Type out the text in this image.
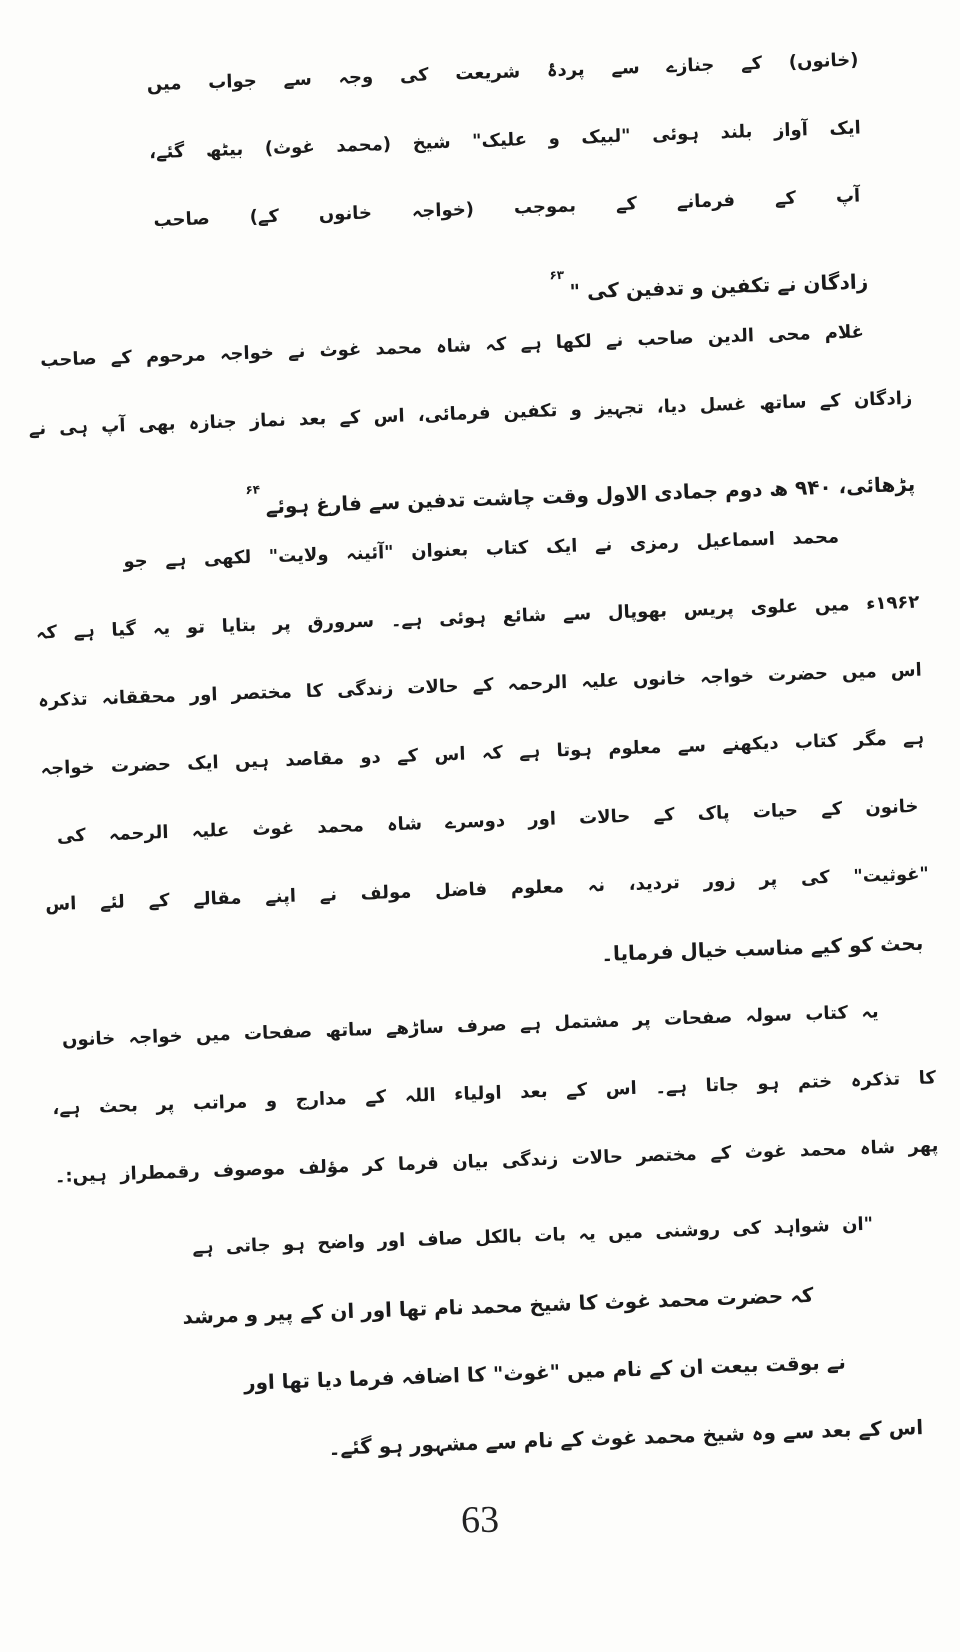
(خانوں) کے جنازے سے پردۂ شریعت کی وجہ سے جواب میں
ایک آواز بلند ہوئی "لبیک و علیک" شیخ (محمد غوث) بیٹھ گئے،
آپ کے فرمانے کے بموجب (خواجہ خانوں کے) صاحب
زادگان نے تکفین و تدفین کی "$^{۶۳}$
غلام محی الدین صاحب نے لکھا ہے کہ شاہ محمد غوث نے خواجہ مرحوم کے صاحب
زادگان کے ساتھ غسل دیا، تجہیز و تکفین فرمائی، اس کے بعد نماز جنازہ بھی آپ ہی نے
پڑھائی، ۹۴۰ ھ دوم جمادی الاول وقت چاشت تدفین سے فارغ ہوئے$^{۶۴}$
محمد اسماعیل رمزی نے ایک کتاب بعنوان "آئینہ ولایت" لکھی ہے جو
۱۹۶۲ء میں علوی پریس بھوپال سے شائع ہوئی ہے۔ سرورق پر بتایا تو یہ گیا ہے کہ
اس میں حضرت خواجہ خانوں علیہ الرحمہ کے حالات زندگی کا مختصر اور محققانہ تذکرہ
ہے مگر کتاب دیکھنے سے معلوم ہوتا ہے کہ اس کے دو مقاصد ہیں ایک حضرت خواجہ
خانون کے حیات پاک کے حالات اور دوسرے شاہ محمد غوث علیہ الرحمہ کی
"غوثیت" کی پر زور تردید، نہ معلوم فاضل مولف نے اپنے مقالے کے لئے اس
بحث کو کیے مناسب خیال فرمایا۔
یہ کتاب سولہ صفحات پر مشتمل ہے صرف ساڑھے ساتھ صفحات میں خواجہ خانوں
کا تذکرہ ختم ہو جاتا ہے۔ اس کے بعد اولیاء اللہ کے مدارج و مراتب پر بحث ہے،
پھر شاہ محمد غوث کے مختصر حالات زندگی بیان فرما کر مؤلف موصوف رقمطراز ہیں:۔
"ان شواہد کی روشنی میں یہ بات بالکل صاف اور واضح ہو جاتی ہے
کہ حضرت محمد غوث کا شیخ محمد نام تھا اور ان کے پیر و مرشد
نے بوقت بیعت ان کے نام میں "غوث" کا اضافہ فرما دیا تھا اور
اس کے بعد سے وہ شیخ محمد غوث کے نام سے مشہور ہو گئے۔
63
